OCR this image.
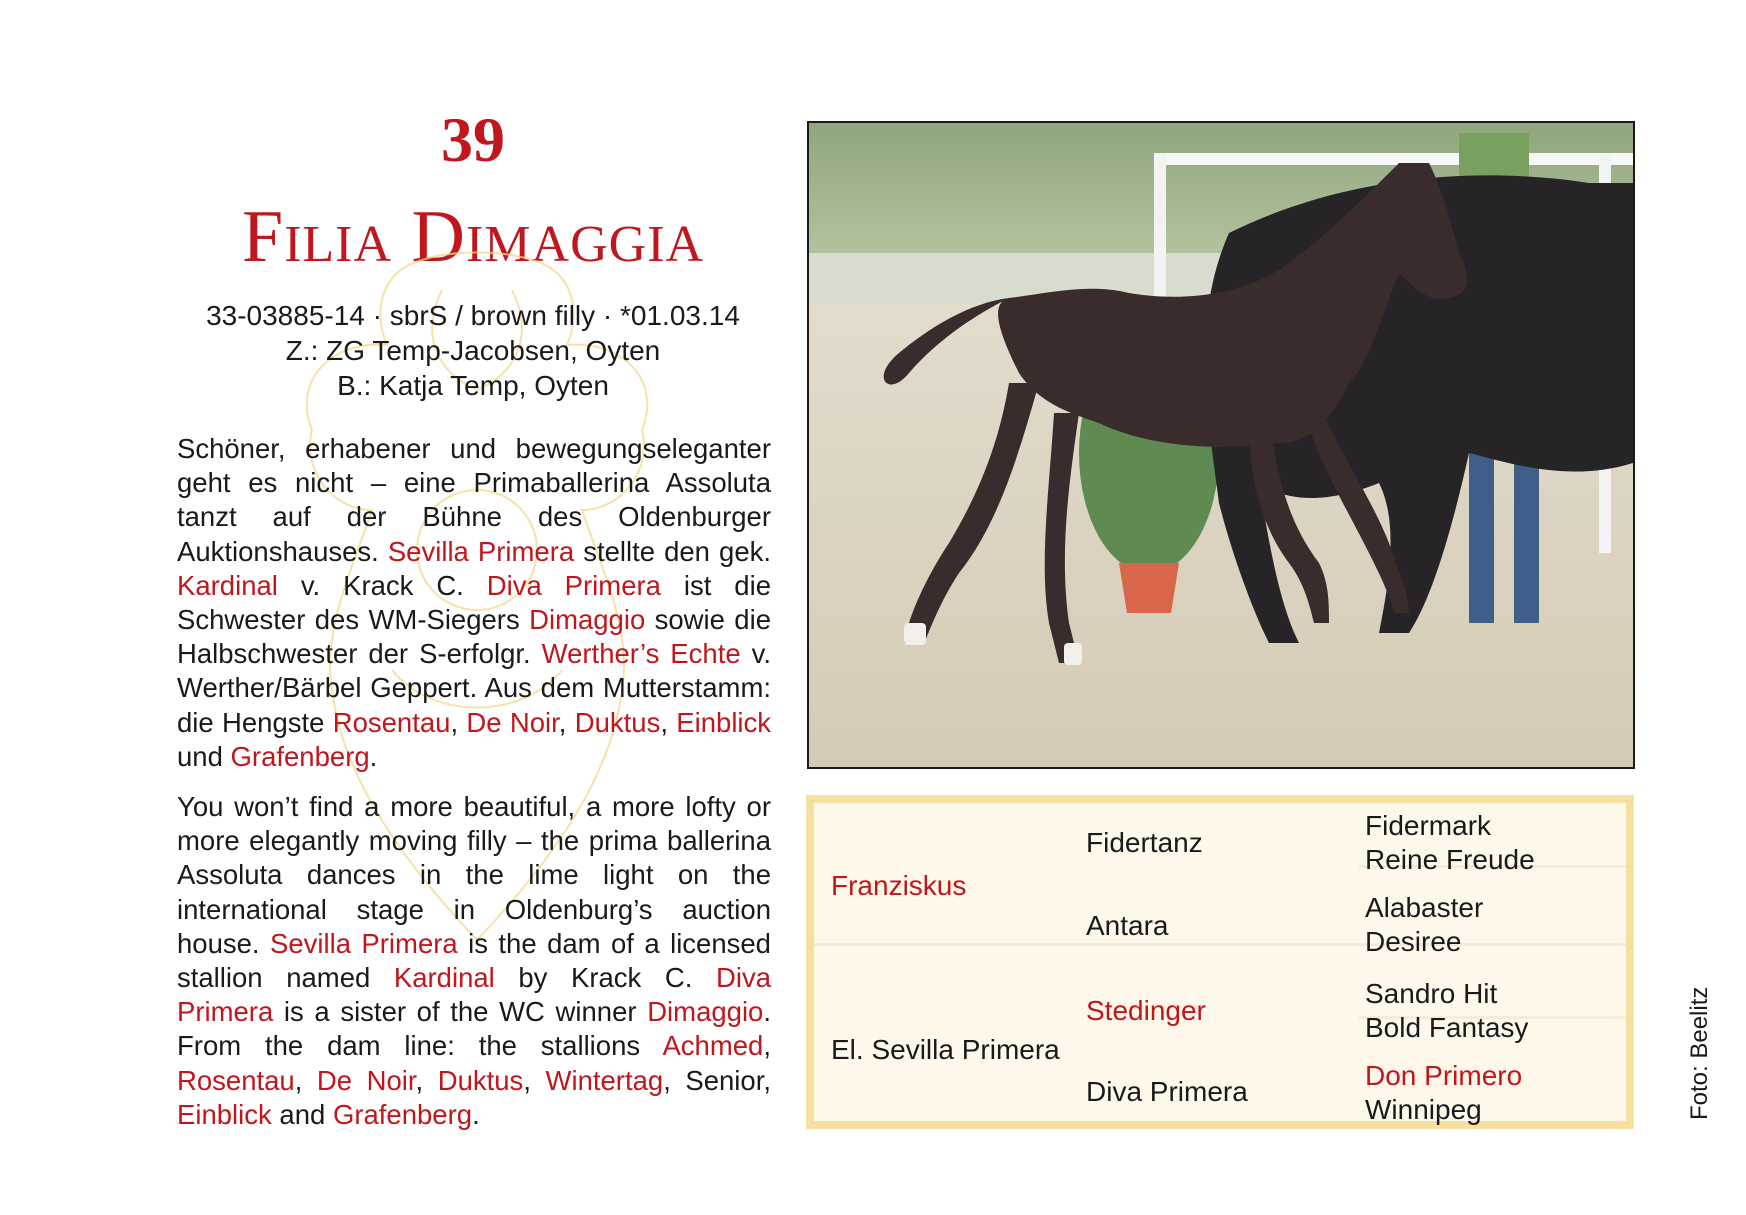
39
Filia Dimaggia
33-03885-14 · sbrS / brown filly · *01.03.14
Z.: ZG Temp-Jacobsen, Oyten
B.: Katja Temp, Oyten
Schöner, erhabener und bewegungseleganter geht es nicht – eine Primaballerina Assoluta tanzt auf der Bühne des Oldenburger Auktionshauses. Sevilla Primera stellte den gek. Kardinal v. Krack C. Diva Primera ist die Schwester des WM-Siegers Dimaggio sowie die Halbschwester der S-erfolgr. Werther’s Echte v. Werther/Bärbel Geppert. Aus dem Mutterstamm: die Hengste Rosentau, De Noir, Duktus, Einblick und Grafenberg.
You won’t find a more beautiful, a more lofty or more elegantly moving filly – the prima ballerina Assoluta dances in the lime light on the international stage in Oldenburg’s auction house. Sevilla Primera is the dam of a licensed stallion named Kardinal by Krack C. Diva Primera is a sister of the WC winner Dimaggio. From the dam line: the stallions Achmed, Rosentau, De Noir, Duktus, Wintertag, Senior, Einblick and Grafenberg.
Franziskus
Fidertanz
Antara
Fidermark
Reine Freude
Alabaster
Desiree
El. Sevilla Primera
Stedinger
Diva Primera
Sandro Hit
Bold Fantasy
Don Primero
Winnipeg	Foto: Beelitz
